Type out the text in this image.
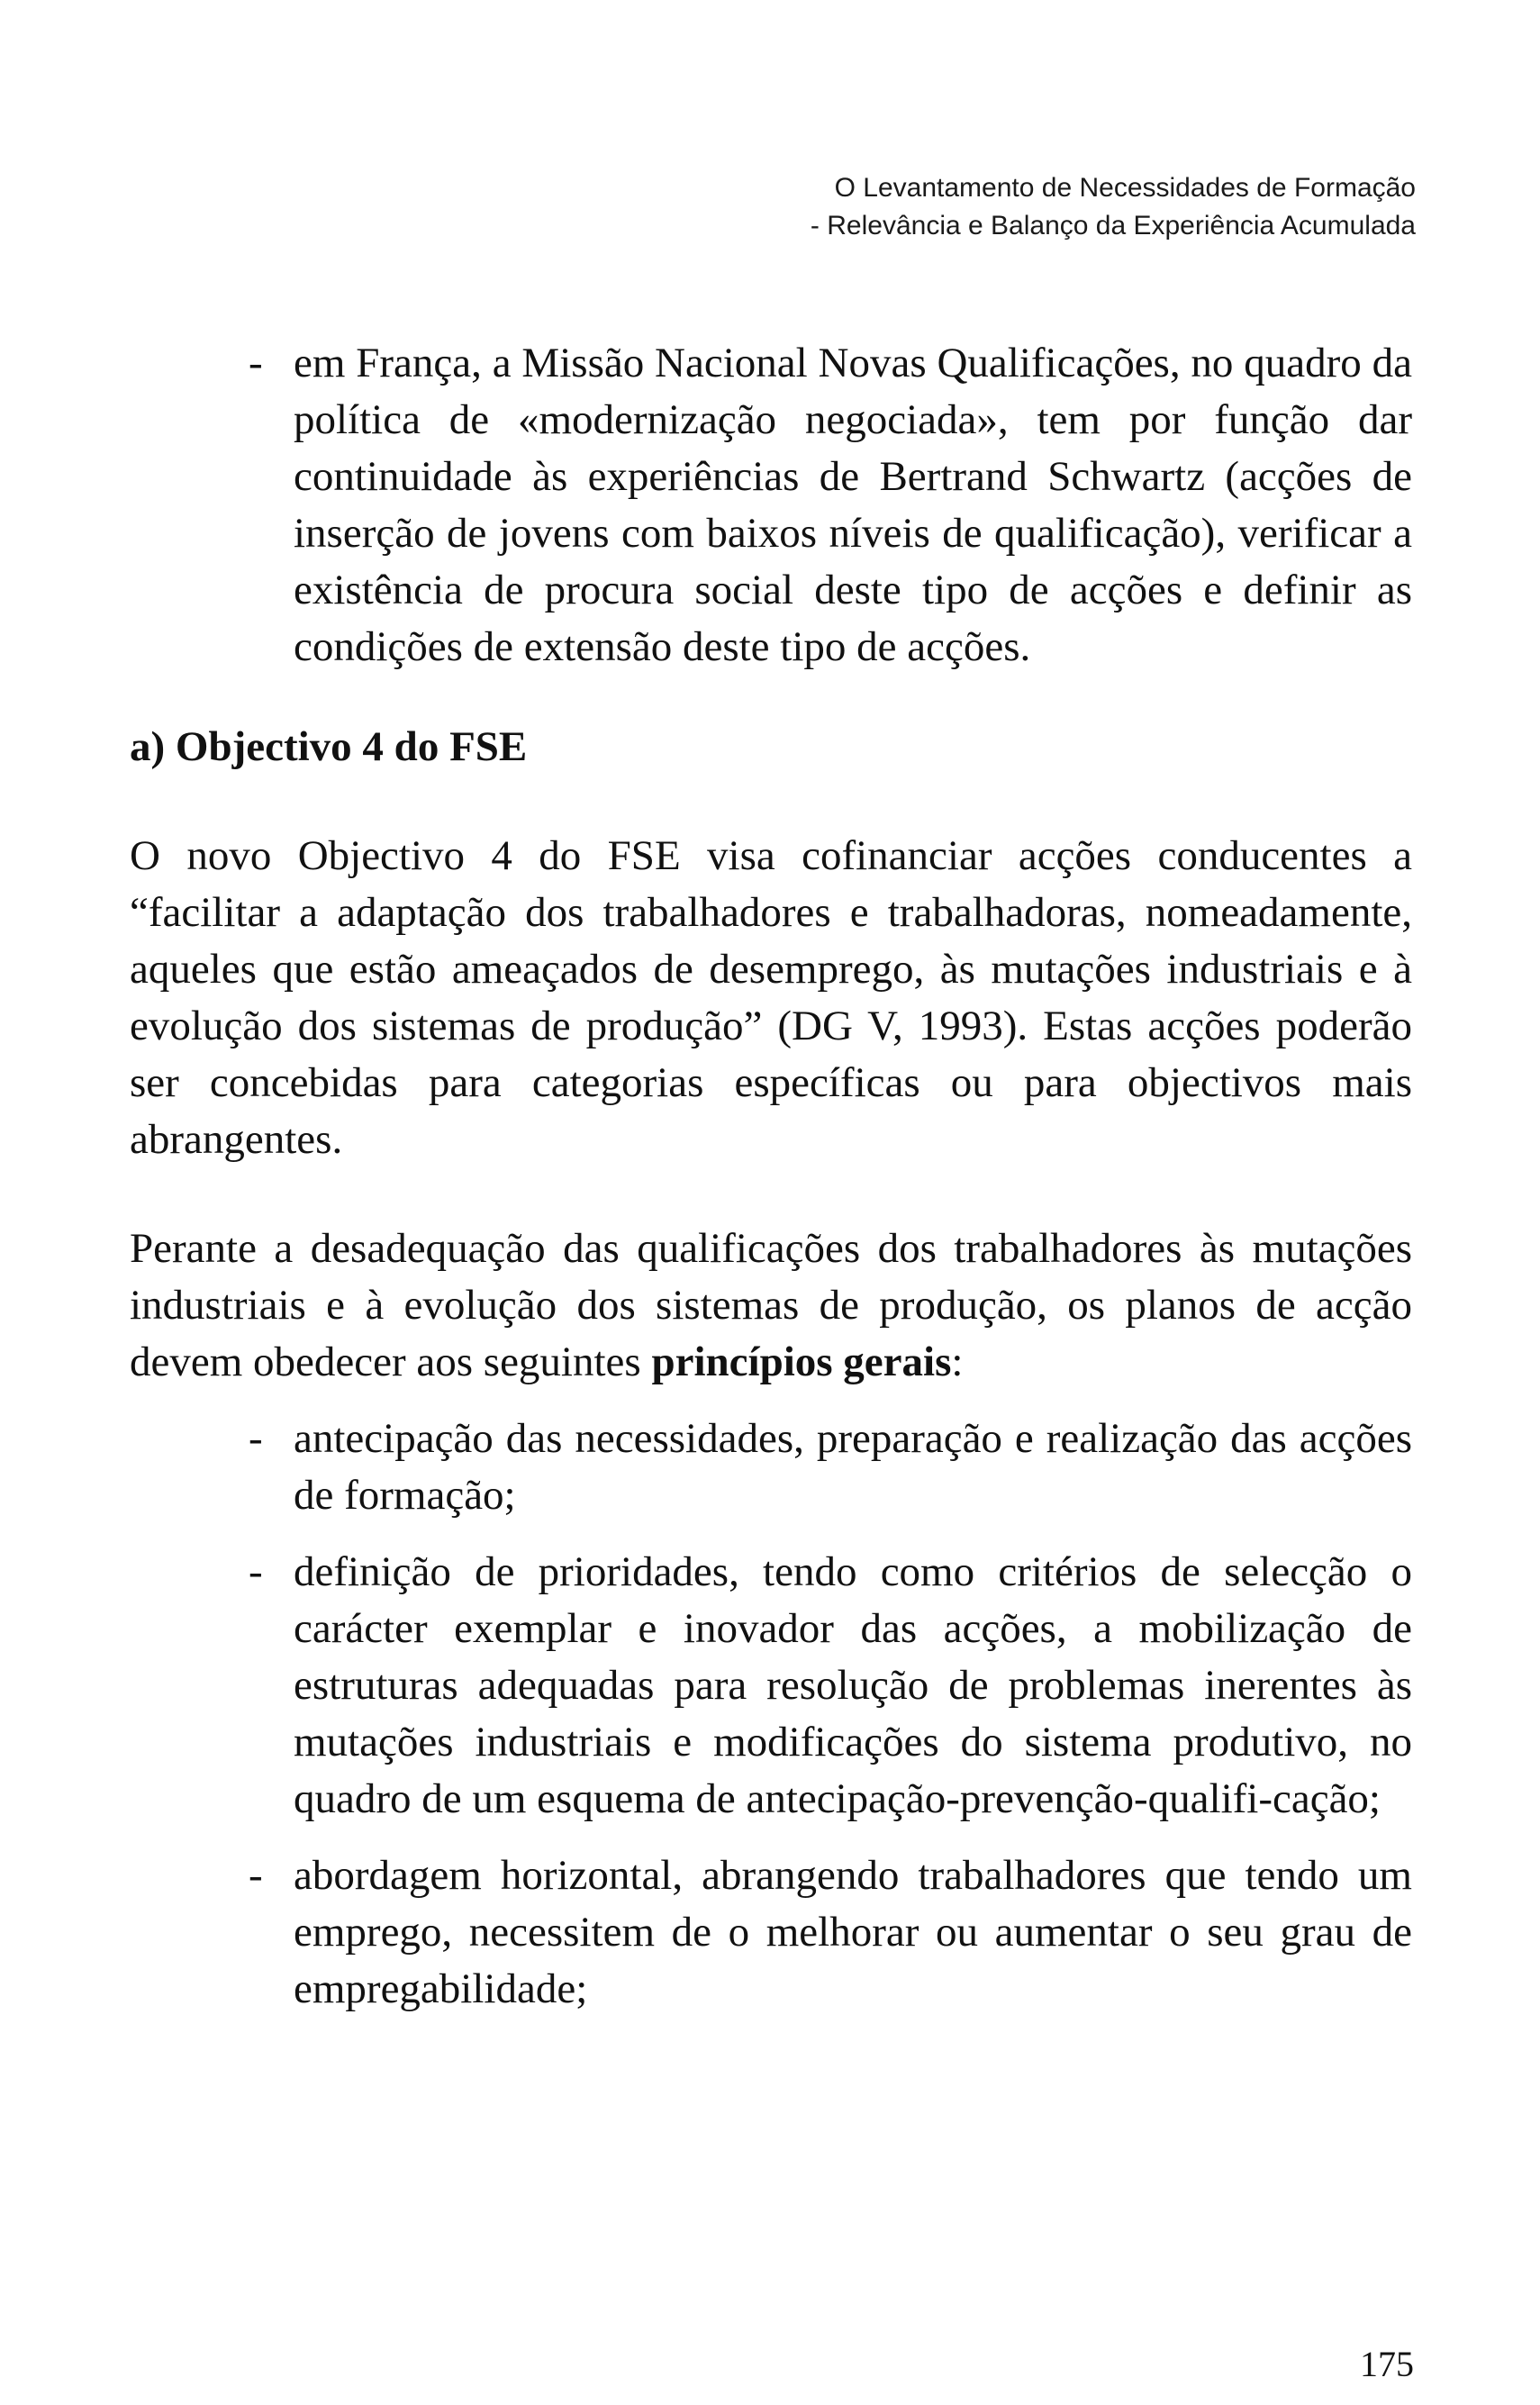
O Levantamento de Necessidades de Formação
- Relevância e Balanço da Experiência Acumulada
- em França, a Missão Nacional Novas Qualificações, no quadro da política de «modernização negociada», tem por função dar continuidade às experiências de Bertrand Schwartz (acções de inserção de jovens com baixos níveis de qualificação), verificar a existência de procura social deste tipo de acções e definir as condições de extensão deste tipo de acções.
a) Objectivo 4 do FSE

O novo Objectivo 4 do FSE visa cofinanciar acções conducentes a “facilitar a adaptação dos trabalhadores e trabalhadoras, nomeadamente, aqueles que estão ameaçados de desemprego, às mutações industriais e à evolução dos sistemas de produção” (DG V, 1993). Estas acções poderão ser concebidas para categorias específicas ou para objectivos mais abrangentes.

Perante a desadequação das qualificações dos trabalhadores às mutações industriais e à evolução dos sistemas de produção, os planos de acção devem obedecer aos seguintes princípios gerais:

- antecipação das necessidades, preparação e realização das acções de formação;
- definição de prioridades, tendo como critérios de selecção o carácter exemplar e inovador das acções, a mobilização de estruturas adequadas para resolução de problemas inerentes às mutações industriais e modificações do sistema produtivo, no quadro de um esquema de antecipação-prevenção-qualifi-cação;
- abordagem horizontal, abrangendo trabalhadores que tendo um emprego, necessitem de o melhorar ou aumentar o seu grau de empregabilidade;
175
